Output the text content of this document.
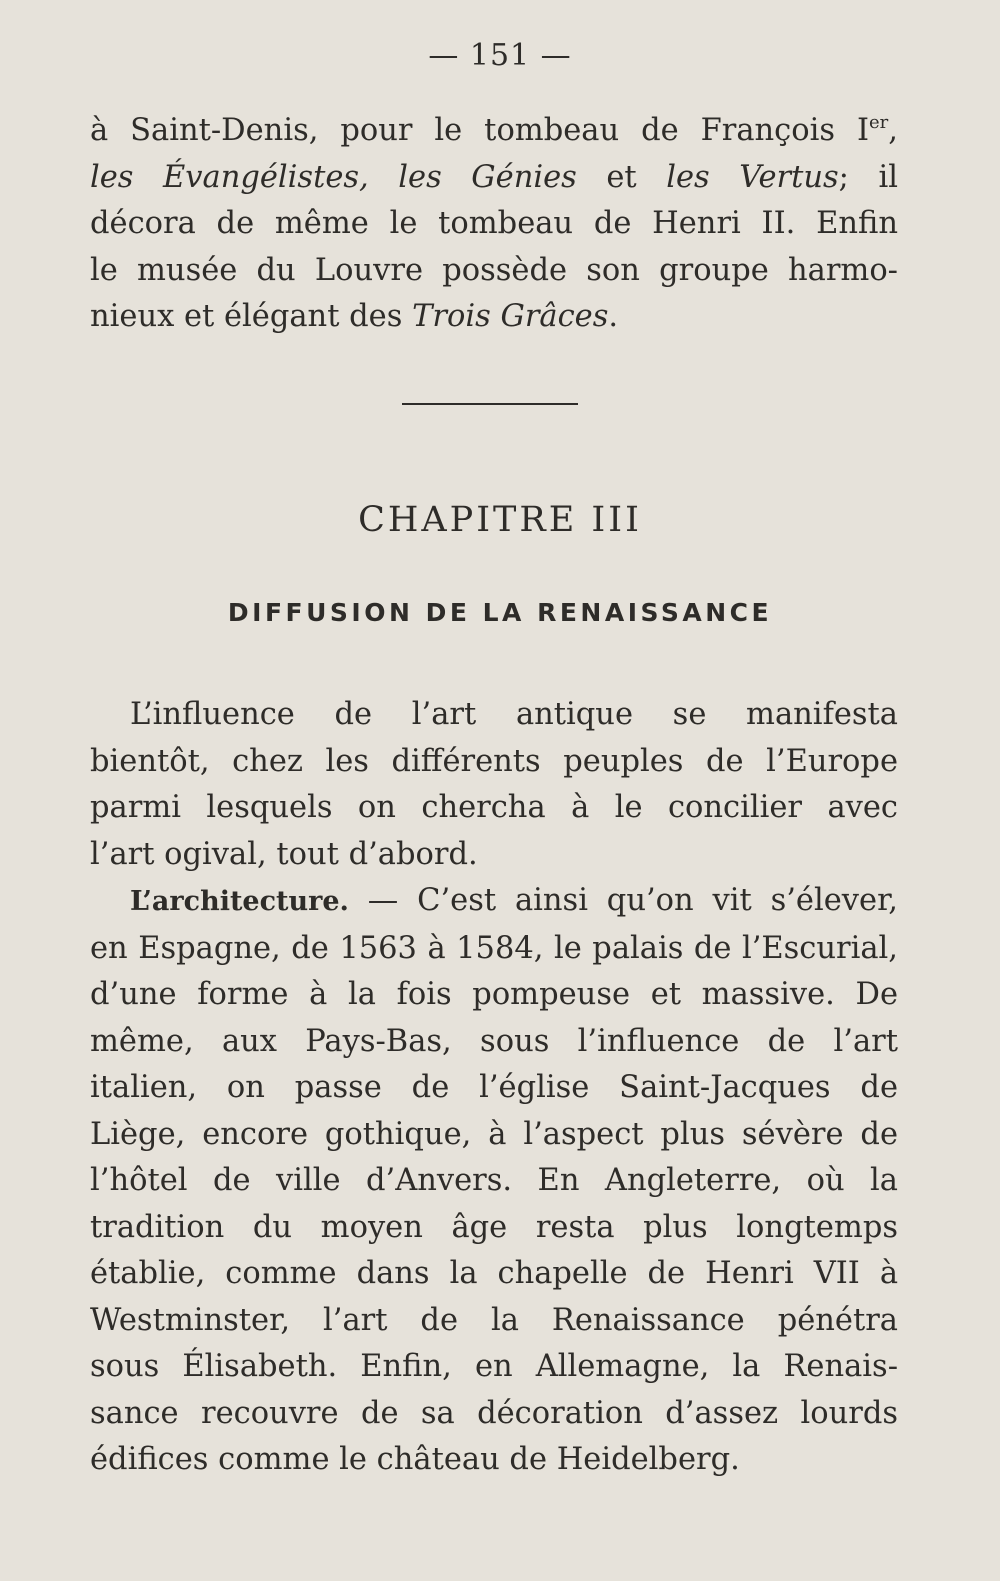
— 151 —
à Saint-Denis, pour le tombeau de François Ier,
les Évangélistes, les Génies et les Vertus; il
décora de même le tombeau de Henri II. Enfin
le musée du Louvre possède son groupe harmo-
nieux et élégant des Trois Grâces.
CHAPITRE III
DIFFUSION DE LA RENAISSANCE
L’influence de l’art antique se manifesta
bientôt, chez les différents peuples de l’Europe
parmi lesquels on chercha à le concilier avec
l’art ogival, tout d’abord.
L’architecture. — C’est ainsi qu’on vit s’élever,
en Espagne, de 1563 à 1584, le palais de l’Escurial,
d’une forme à la fois pompeuse et massive. De
même, aux Pays-Bas, sous l’influence de l’art
italien, on passe de l’église Saint-Jacques de
Liège, encore gothique, à l’aspect plus sévère de
l’hôtel de ville d’Anvers. En Angleterre, où la
tradition du moyen âge resta plus longtemps
établie, comme dans la chapelle de Henri VII à
Westminster, l’art de la Renaissance pénétra
sous Élisabeth. Enfin, en Allemagne, la Renais-
sance recouvre de sa décoration d’assez lourds
édifices comme le château de Heidelberg.
